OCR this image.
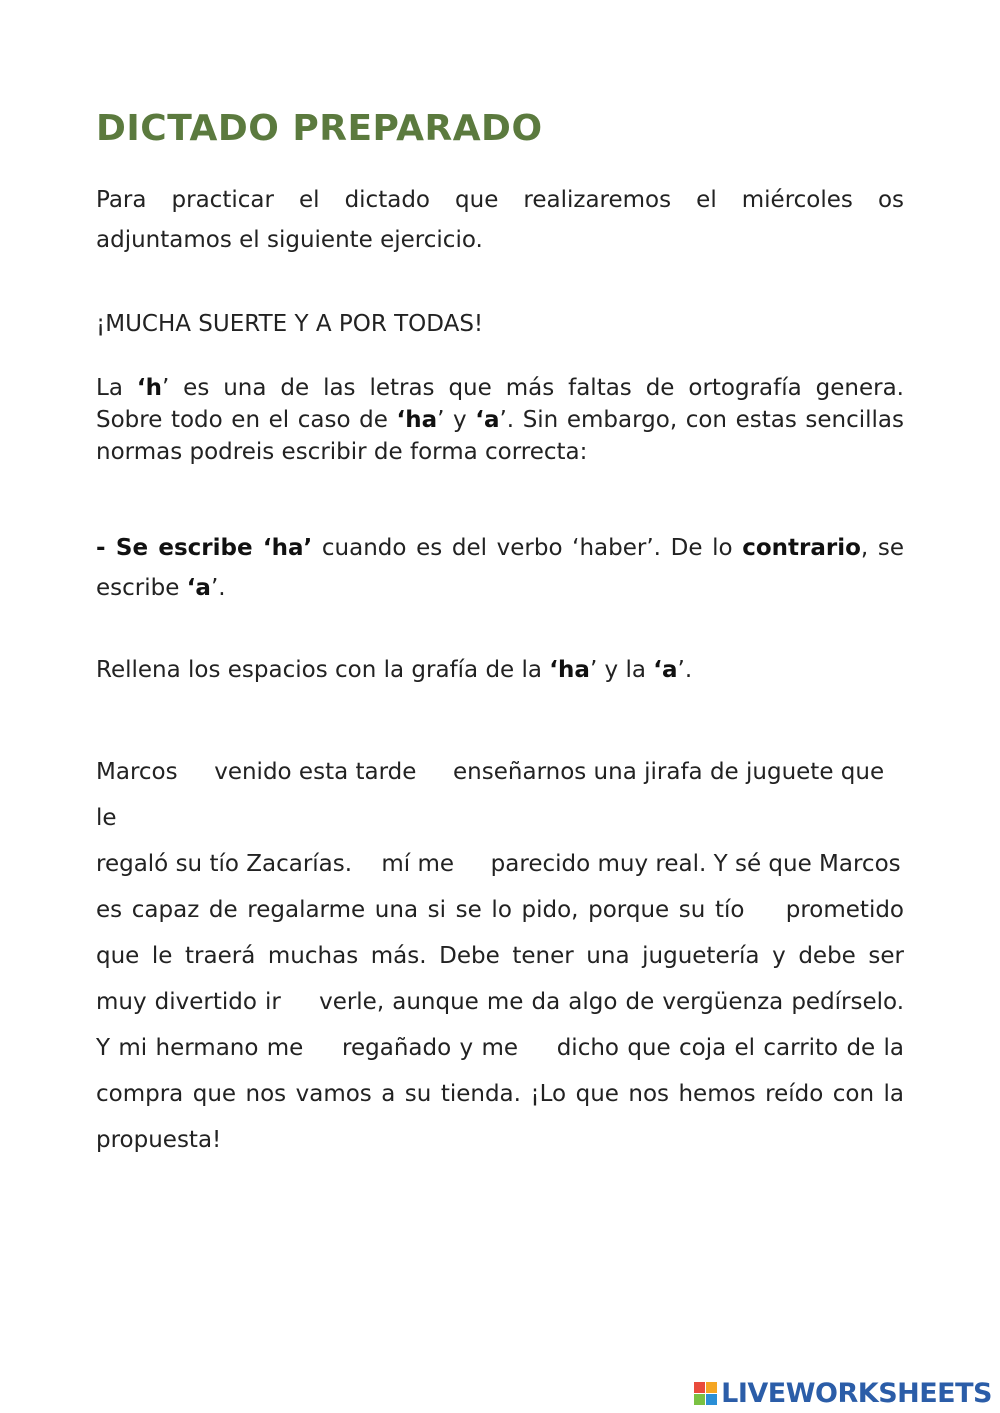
DICTADO PREPARADO

Para practicar el dictado que realizaremos el miércoles os
adjuntamos el siguiente ejercicio.

¡MUCHA SUERTE Y A POR TODAS!

La ‘h’ es una de las letras que más faltas de ortografía genera.
Sobre todo en el caso de ‘ha’ y ‘a’. Sin embargo, con estas sencillas
normas podreis escribir de forma correcta:

- Se escribe ‘ha’ cuando es del verbo ‘haber’. De lo contrario, se
escribe ‘a’.

Rellena los espacios con la grafía de la ‘ha’ y la ‘a’.

Marcos venido esta tarde enseñarnos una jirafa de juguete que le
regaló su tío Zacarías. mí me parecido muy real. Y sé que Marcos
es capaz de regalarme una si se lo pido, porque su tío prometido
que le traerá muchas más. Debe tener una juguetería y debe ser
muy divertido ir verle, aunque me da algo de vergüenza pedírselo.
Y mi hermano me regañado y me dicho que coja el carrito de la
compra que nos vamos a su tienda. ¡Lo que nos hemos reído con la
propuesta!
LIVEWORKSHEETS
